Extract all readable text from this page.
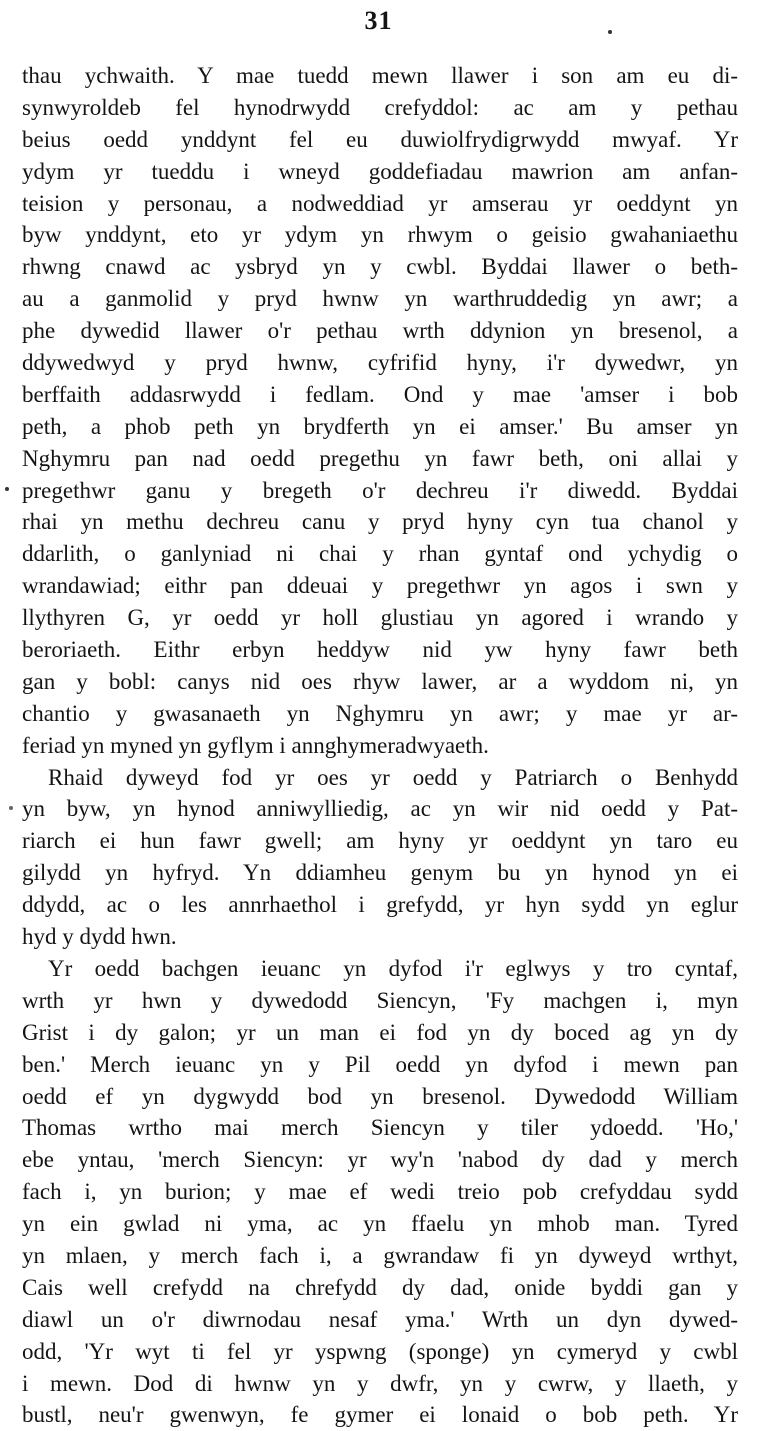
31
thau ychwaith. Y mae tuedd mewn llawer i son am eu di-
synwyroldeb fel hynodrwydd crefyddol: ac am y pethau
beius oedd ynddynt fel eu duwiolfrydigrwydd mwyaf. Yr
ydym yr tueddu i wneyd goddefiadau mawrion am anfan-
teision y personau, a nodweddiad yr amserau yr oeddynt yn
byw ynddynt, eto yr ydym yn rhwym o geisio gwahaniaethu
rhwng cnawd ac ysbryd yn y cwbl. Byddai llawer o beth-
au a ganmolid y pryd hwnw yn warthruddedig yn awr; a
phe dywedid llawer o'r pethau wrth ddynion yn bresenol, a
ddywedwyd y pryd hwnw, cyfrifid hyny, i'r dywedwr, yn
berffaith addasrwydd i fedlam. Ond y mae 'amser i bob
peth, a phob peth yn brydferth yn ei amser.' Bu amser yn
Nghymru pan nad oedd pregethu yn fawr beth, oni allai y
pregethwr ganu y bregeth o'r dechreu i'r diwedd. Byddai
rhai yn methu dechreu canu y pryd hyny cyn tua chanol y
ddarlith, o ganlyniad ni chai y rhan gyntaf ond ychydig o
wrandawiad; eithr pan ddeuai y pregethwr yn agos i swn y
llythyren G, yr oedd yr holl glustiau yn agored i wrando y
beroriaeth. Eithr erbyn heddyw nid yw hyny fawr beth
gan y bobl: canys nid oes rhyw lawer, ar a wyddom ni, yn
chantio y gwasanaeth yn Nghymru yn awr; y mae yr ar-
feriad yn myned yn gyflym i annghymeradwyaeth.
Rhaid dyweyd fod yr oes yr oedd y Patriarch o Benhydd
yn byw, yn hynod anniwylliedig, ac yn wir nid oedd y Pat-
riarch ei hun fawr gwell; am hyny yr oeddynt yn taro eu
gilydd yn hyfryd. Yn ddiamheu genym bu yn hynod yn ei
ddydd, ac o les annrhaethol i grefydd, yr hyn sydd yn eglur
hyd y dydd hwn.
Yr oedd bachgen ieuanc yn dyfod i'r eglwys y tro cyntaf,
wrth yr hwn y dywedodd Siencyn, 'Fy machgen i, myn
Grist i dy galon; yr un man ei fod yn dy boced ag yn dy
ben.' Merch ieuanc yn y Pil oedd yn dyfod i mewn pan
oedd ef yn dygwydd bod yn bresenol. Dywedodd William
Thomas wrtho mai merch Siencyn y tiler ydoedd. 'Ho,'
ebe yntau, 'merch Siencyn: yr wy'n 'nabod dy dad y merch
fach i, yn burion; y mae ef wedi treio pob crefyddau sydd
yn ein gwlad ni yma, ac yn ffaelu yn mhob man. Tyred
yn mlaen, y merch fach i, a gwrandaw fi yn dyweyd wrthyt,
Cais well crefydd na chrefydd dy dad, onide byddi gan y
diawl un o'r diwrnodau nesaf yma.' Wrth un dyn dywed-
odd, 'Yr wyt ti fel yr yspwng (sponge) yn cymeryd y cwbl
i mewn. Dod di hwnw yn y dwfr, yn y cwrw, y llaeth, y
bustl, neu'r gwenwyn, fe gymer ei lonaid o bob peth. Yr
